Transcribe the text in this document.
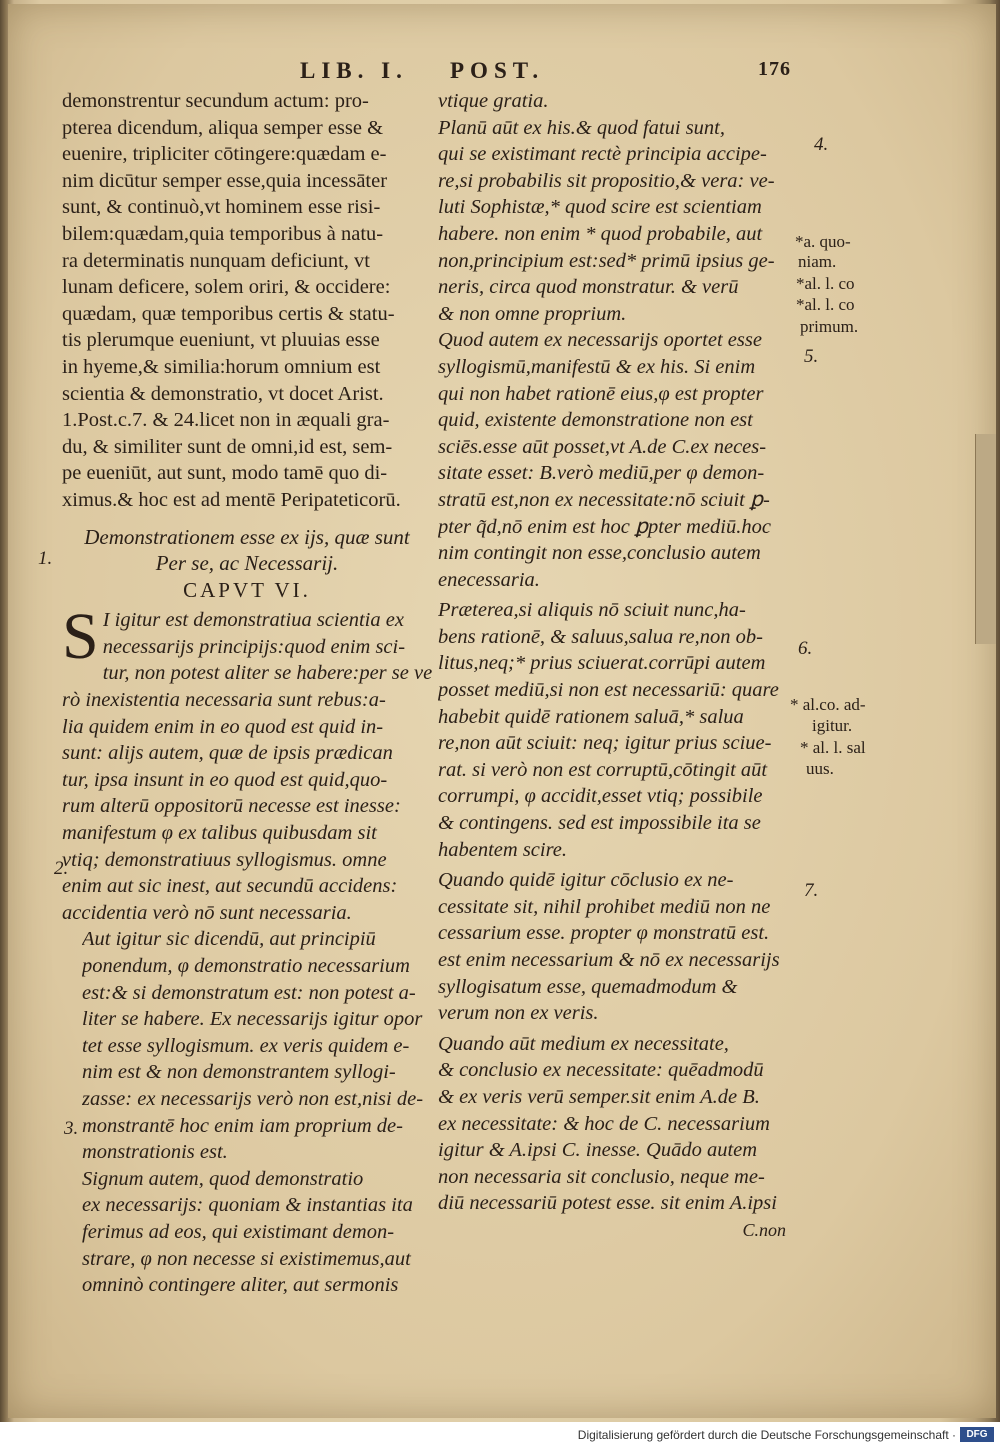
LIB. I. POST.	176
demonstrentur secundum actum: pro-
pterea dicendum, aliqua semper esse &
euenire, tripliciter cōtingere:quædam e-
nim dicūtur semper esse,quia incessāter
sunt, & continuò,vt hominem esse risi-
bilem:quædam,quia temporibus à natu-
ra determinatis nunquam deficiunt, vt
lunam deficere, solem oriri, & occidere:
quædam, quæ temporibus certis & statu-
tis plerumque eueniunt, vt pluuias esse
in hyeme,& similia:horum omnium est
scientia & demonstratio, vt docet Arist.
1.Post.c.7. & 24.licet non in æquali gra-
du, & similiter sunt de omni,id est, sem-
pe eueniūt, aut sunt, modo tamē quo di-
ximus.& hoc est ad mentē Peripateticorū.
Demonstrationem esse ex ijs, quæ sunt
Per se, ac Necessarij.
CAPVT VI.
S I igitur est demonstratiua scientia ex
necessarijs principijs:quod enim sci-
tur, non potest aliter se habere:per se ve
rò inexistentia necessaria sunt rebus:a-
lia quidem enim in eo quod est quid in-
sunt: alijs autem, quæ de ipsis prædican
tur, ipsa insunt in eo quod est quid,quo-
rum alterū oppositorū necesse est inesse:
manifestum φ ex talibus quibusdam sit
vtiq; demonstratiuus syllogismus. omne
enim aut sic inest, aut secundū accidens:
accidentia verò nō sunt necessaria.
Aut igitur sic dicendū, aut principiū
ponendum, φ demonstratio necessarium
est:& si demonstratum est: non potest a-
liter se habere. Ex necessarijs igitur opor
tet esse syllogismum. ex veris quidem e-
nim est & non demonstrantem syllogi-
zasse: ex necessarijs verò non est,nisi de-
monstrantē hoc enim iam proprium de-
monstrationis est.
Signum autem, quod demonstratio
ex necessarijs: quoniam & instantias ita
ferimus ad eos, qui existimant demon-
strare, φ non necesse si existimemus,aut
omninò contingere aliter, aut sermonis
1.
2.
3.
vtique gratia.
Planū aūt ex his.& quod fatui sunt,
qui se existimant rectè principia accipe-
re,si probabilis sit propositio,& vera: ve-
luti Sophistæ,* quod scire est scientiam
habere. non enim * quod probabile, aut
non,principium est:sed* primū ipsius ge-
neris, circa quod monstratur. & verū
& non omne proprium.
Quod autem ex necessarijs oportet esse
syllogismū,manifestū & ex his. Si enim
qui non habet rationē eius,φ est propter
quid, existente demonstratione non est
sciēs.esse aūt posset,vt A.de C.ex neces-
sitate esset: B.verò mediū,per φ demon-
stratū est,non ex necessitate:nō sciuit ꝑ-
pter q̃d,nō enim est hoc ꝑpter mediū.hoc
nim contingit non esse,conclusio autem
enecessaria.
Præterea,si aliquis nō sciuit nunc,ha-
bens rationē, & saluus,salua re,non ob-
litus,neq;* prius sciuerat.corrūpi autem
posset mediū,si non est necessariū: quare
habebit quidē rationem saluā,* salua
re,non aūt sciuit: neq; igitur prius sciue-
rat. si verò non est corruptū,cōtingit aūt
corrumpi, φ accidit,esset vtiq; possibile
& contingens. sed est impossibile ita se
habentem scire.
Quando quidē igitur cōclusio ex ne-
cessitate sit, nihil prohibet mediū non ne
cessarium esse. propter φ monstratū est.
est enim necessarium & nō ex necessarijs
syllogisatum esse, quemadmodum &
verum non ex veris.
Quando aūt medium ex necessitate,
& conclusio ex necessitate: quēadmodū
& ex veris verū semper.sit enim A.de B.
ex necessitate: & hoc de C. necessarium
igitur & A.ipsi C. inesse. Quādo autem
non necessaria sit conclusio, neque me-
diū necessariū potest esse. sit enim A.ipsi
C.non
4.
*a. quo-
niam.
*al. l. co
*al. l. co
primum.
5.
6.
* al.co. ad-
igitur.
* al. l. sal
uus.
7.
Digitalisierung gefördert durch die Deutsche Forschungsgemeinschaft ·	DFG
